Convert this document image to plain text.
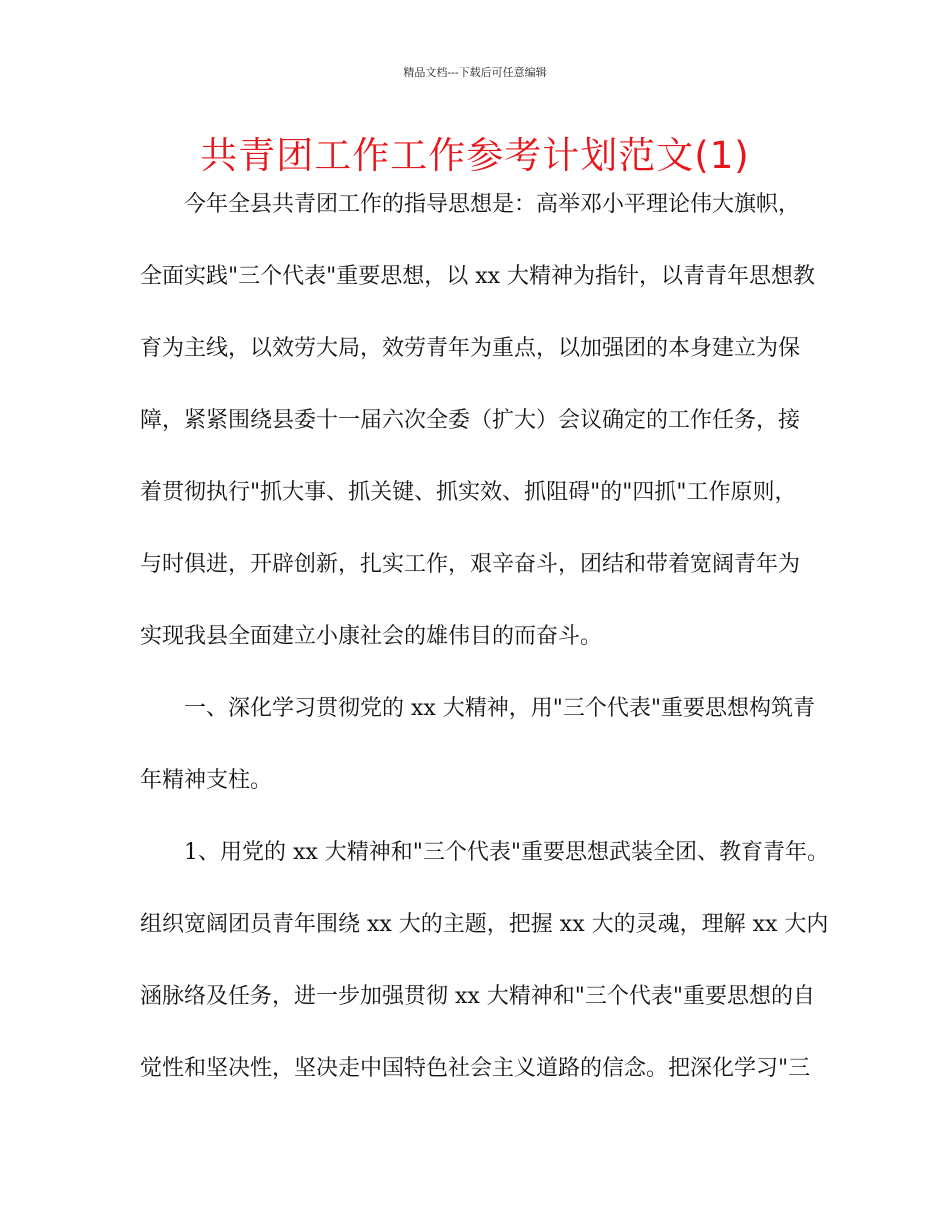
精品文档---下载后可任意编辑
共青团工作工作参考计划范文(1)
今年全县共青团工作的指导思想是：高举邓小平理论伟大旗帜，
全面实践"三个代表"重要思想，以 xx 大精神为指针，以青青年思想教
育为主线，以效劳大局，效劳青年为重点，以加强团的本身建立为保
障，紧紧围绕县委十一届六次全委（扩大）会议确定的工作任务，接
着贯彻执行"抓大事、抓关键、抓实效、抓阻碍"的"四抓"工作原则，
与时俱进，开辟创新，扎实工作，艰辛奋斗，团结和带着宽阔青年为
实现我县全面建立小康社会的雄伟目的而奋斗。
一、深化学习贯彻党的 xx 大精神，用"三个代表"重要思想构筑青
年精神支柱。
1、用党的 xx 大精神和"三个代表"重要思想武装全团、教育青年。
组织宽阔团员青年围绕 xx 大的主题，把握 xx 大的灵魂，理解 xx 大内
涵脉络及任务，进一步加强贯彻 xx 大精神和"三个代表"重要思想的自
觉性和坚决性，坚决走中国特色社会主义道路的信念。把深化学习"三
